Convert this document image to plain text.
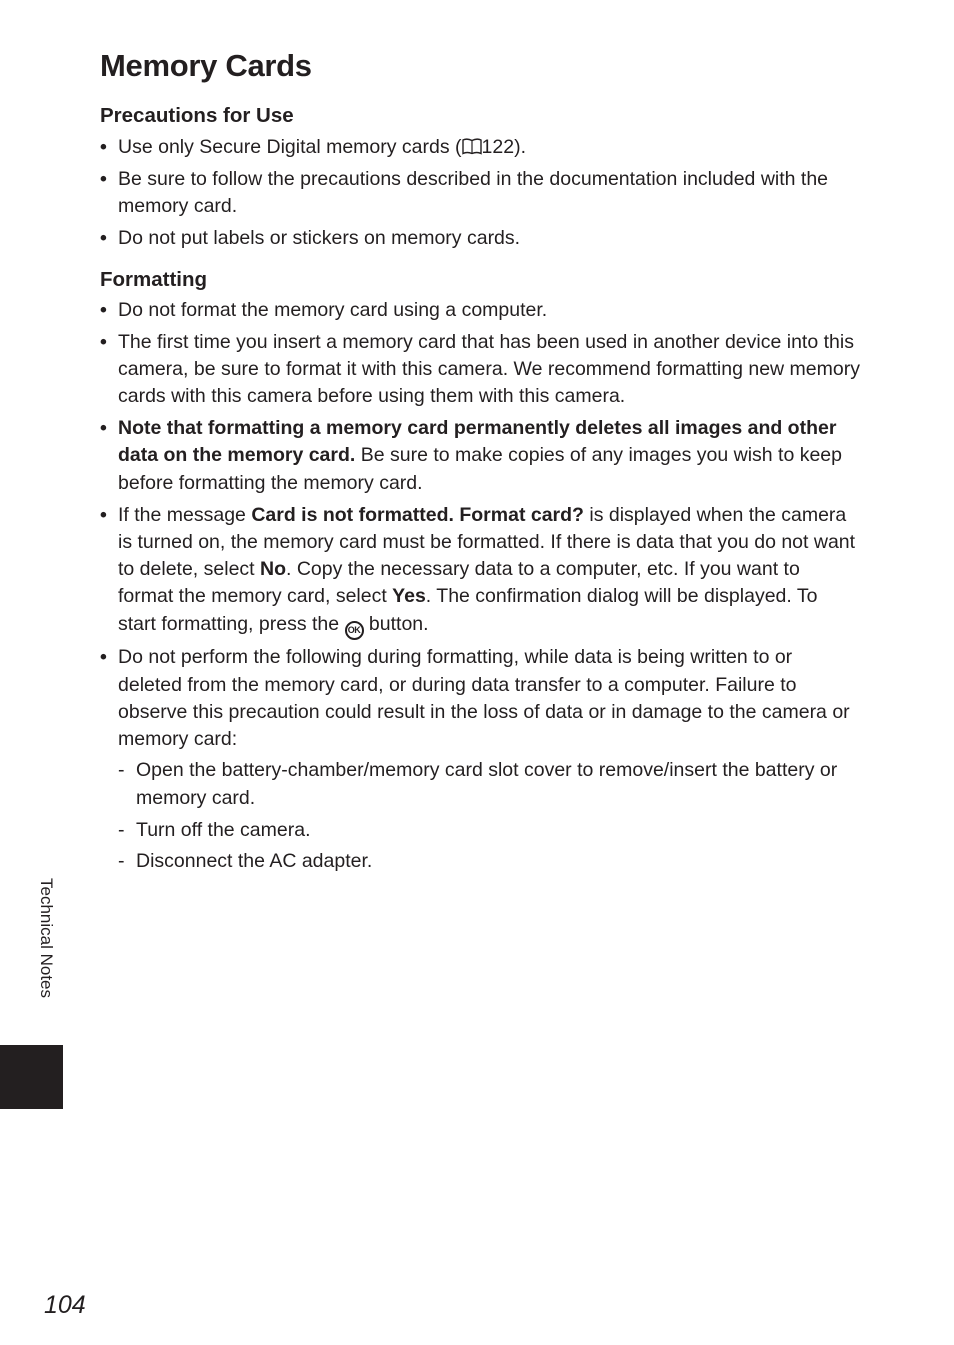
Memory Cards
Precautions for Use
• Use only Secure Digital memory cards ( 122).
• Be sure to follow the precautions described in the documentation included with the memory card.
• Do not put labels or stickers on memory cards.
Formatting
• Do not format the memory card using a computer.
• The first time you insert a memory card that has been used in another device into this camera, be sure to format it with this camera. We recommend formatting new memory cards with this camera before using them with this camera.
• Note that formatting a memory card permanently deletes all images and other data on the memory card. Be sure to make copies of any images you wish to keep before formatting the memory card.
• If the message Card is not formatted. Format card? is displayed when the camera is turned on, the memory card must be formatted. If there is data that you do not want to delete, select No. Copy the necessary data to a computer, etc. If you want to format the memory card, select Yes. The confirmation dialog will be displayed. To start formatting, press the OK button.
• Do not perform the following during formatting, while data is being written to or deleted from the memory card, or during data transfer to a computer. Failure to observe this precaution could result in the loss of data or in damage to the camera or memory card:
- Open the battery-chamber/memory card slot cover to remove/insert the battery or memory card.
- Turn off the camera.
- Disconnect the AC adapter.
Technical Notes
104
